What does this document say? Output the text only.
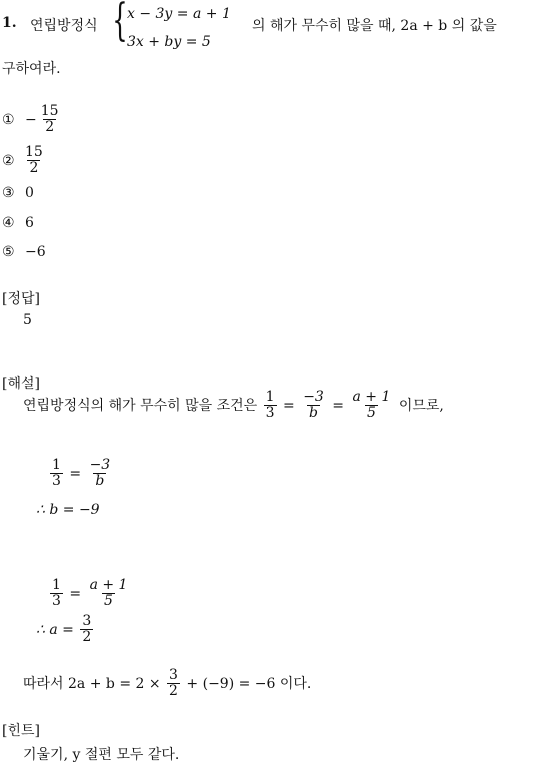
1. 연립방정식 { x − 3y = a + 1
3x + by = 5
의 해가 무수히 많을 때, 2a + b 의 값을
구하여라.
① − $\frac{15}{2}$
② $\frac{15}{2}$
③ 0
④ 6
⑤ −6
[정답]
5
[해설]
연립방정식의 해가 무수히 많을 조건은 $\frac{1}{3} = \frac{-3}{b} = \frac{a + 1}{5}$ 이므로,
$\frac{1}{3} = \frac{-3}{b}$
∴ b = −9
$\frac{1}{3} = \frac{a + 1}{5}$
∴ $a = \frac{3}{2}$
따라서 $2a + b = 2 \times \frac{3}{2} + (-9) = -6$ 이다.
[힌트]
기울기, y 절편 모두 같다.
